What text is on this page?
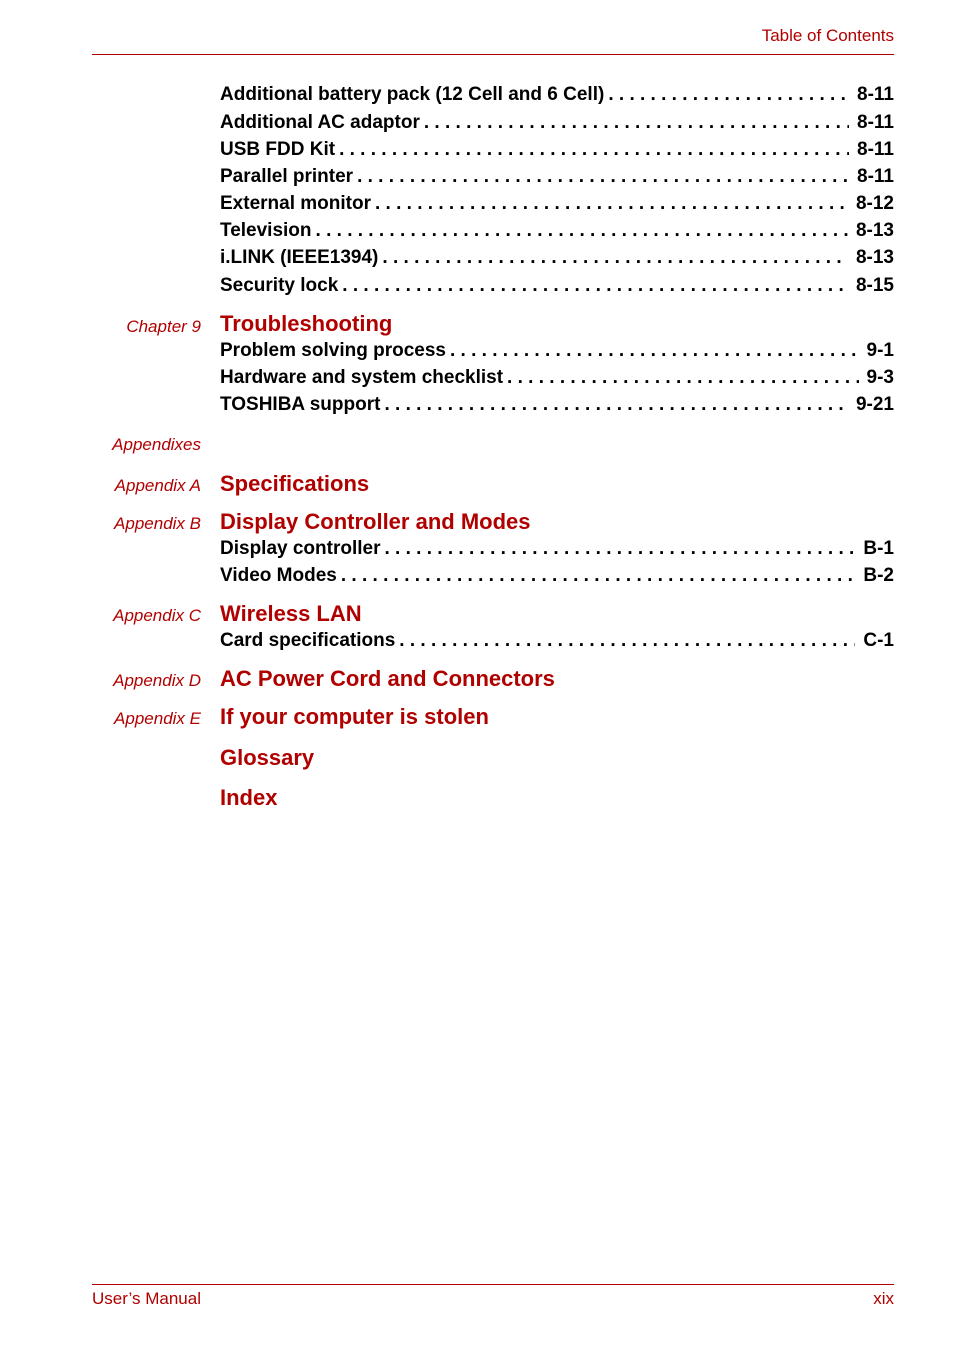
Table of Contents
Additional battery pack (12 Cell and 6 Cell) . . .	8-11
Additional AC adaptor . . .	8-11
USB FDD Kit . . .	8-11
Parallel printer . . .	8-11
External monitor . . .	8-12
Television . . .	8-13
i.LINK (IEEE1394) . . .	8-13
Security lock . . .	8-15
Chapter 9 Troubleshooting
Problem solving process . . .	9-1
Hardware and system checklist . . .	9-3
TOSHIBA support . . .	9-21
Appendixes
Appendix A Specifications
Appendix B Display Controller and Modes
Display controller . . .	B-1
Video Modes . . .	B-2
Appendix C Wireless LAN
Card specifications . . .	C-1
Appendix D AC Power Cord and Connectors
Appendix E If your computer is stolen
Glossary
Index
User’s Manual	xix
